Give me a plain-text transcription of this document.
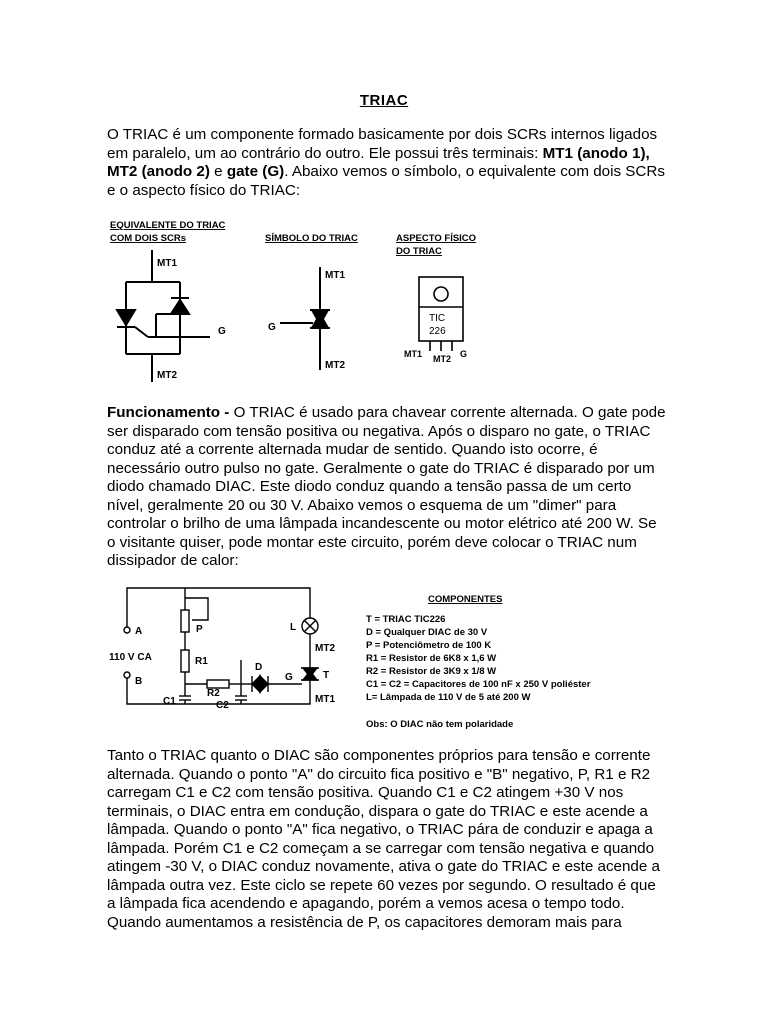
TRIAC
O TRIAC é um componente formado basicamente por dois SCRs internos ligados em paralelo, um ao contrário do outro. Ele possui três terminais: MT1 (anodo 1), MT2 (anodo 2) e gate (G). Abaixo vemos o símbolo, o equivalente com dois SCRs e o aspecto físico do TRIAC:
EQUIVALENTE DO TRIAC
COM DOIS SCRs	SÍMBOLO DO TRIAC	ASPECTO FÍSICO
DO TRIAC
MT1
G
MT2
MT1
G
MT2
TIC
226
MT1 MT2 G
Funcionamento - O TRIAC é usado para chavear corrente alternada. O gate pode ser disparado com tensão positiva ou negativa. Após o disparo no gate, o TRIAC conduz até a corrente alternada mudar de sentido. Quando isto ocorre, é necessário outro pulso no gate. Geralmente o gate do TRIAC é disparado por um diodo chamado DIAC. Este diodo conduz quando a tensão passa de um certo nível, geralmente 20 ou 30 V. Abaixo vemos o esquema de um "dimer" para controlar o brilho de uma lâmpada incandescente ou motor elétrico até 200 W. Se o visitante quiser, pode montar este circuito, porém deve colocar o TRIAC num dissipador de calor:
A
110 V CA
B
P
R1
R2
C1	C2
D
G
L
MT2
T
MT1
COMPONENTES
T = TRIAC TIC226
D = Qualquer DIAC de 30 V
P = Potenciômetro de 100 K
R1 = Resistor de 6K8 x 1,6 W
R2 = Resistor de 3K9 x 1/8 W
C1 = C2 = Capacitores de 100 nF x 250 V poliéster
L= Lâmpada de 110 V de 5 até 200 W
Obs: O DIAC não tem polaridade
Tanto o TRIAC quanto o DIAC são componentes próprios para tensão e corrente alternada. Quando o ponto "A" do circuito fica positivo e "B" negativo, P, R1 e R2 carregam C1 e C2 com tensão positiva. Quando C1 e C2 atingem +30 V nos terminais, o DIAC entra em condução, dispara o gate do TRIAC e este acende a lâmpada. Quando o ponto "A" fica negativo, o TRIAC pára de conduzir e apaga a lâmpada. Porém C1 e C2 começam a se carregar com tensão negativa e quando atingem -30 V, o DIAC conduz novamente, ativa o gate do TRIAC e este acende a lâmpada outra vez. Este ciclo se repete 60 vezes por segundo. O resultado é que a lâmpada fica acendendo e apagando, porém a vemos acesa o tempo todo. Quando aumentamos a resistência de P, os capacitores demoram mais para
